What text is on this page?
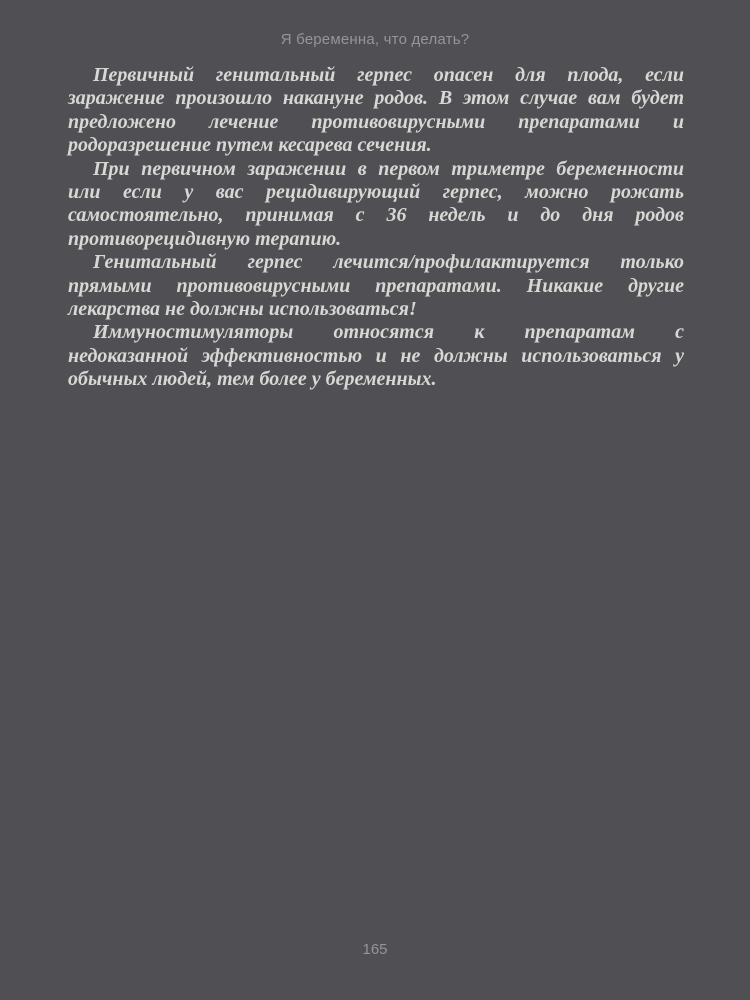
Я беременна, что делать?
Первичный генитальный герпес опасен для плода, если
заражение произошло накануне родов. В этом случае вам будет
предложено лечение противовирусными препаратами и
родоразрешение путем кесарева сечения.
При первичном заражении в первом триметре беременности
или если у вас рецидивирующий герпес, можно рожать
самостоятельно, принимая с 36 недель и до дня родов
противорецидивную терапию.
Генитальный герпес лечится/профилактируется только
прямыми противовирусными препаратами. Никакие другие
лекарства не должны использоваться!
Иммуностимуляторы относятся к препаратам с
недоказанной эффективностью и не должны использоваться у
обычных людей, тем более у беременных.
165
